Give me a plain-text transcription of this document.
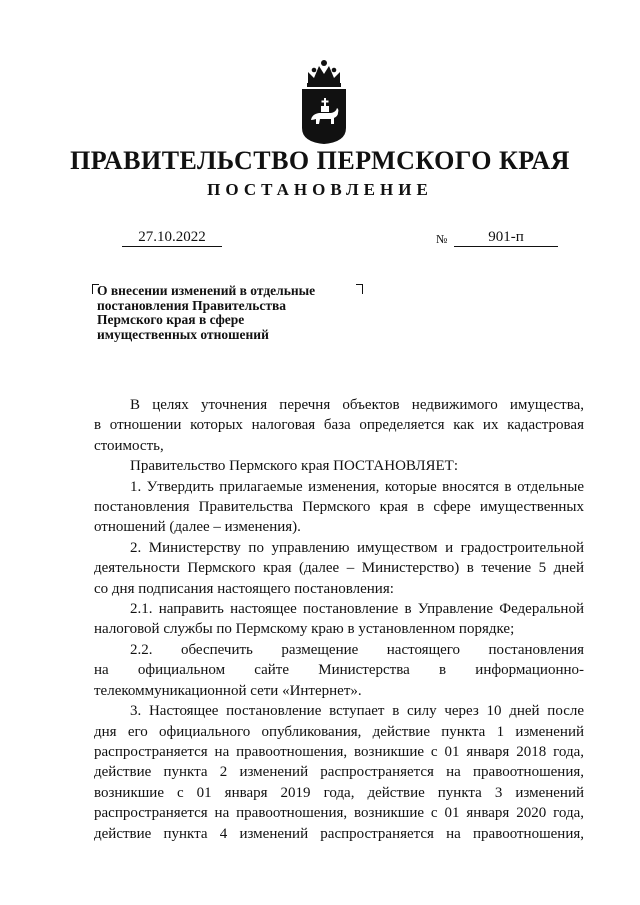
ПРАВИТЕЛЬСТВО ПЕРМСКОГО КРАЯ
ПОСТАНОВЛЕНИЕ
27.10.2022	№	901-п
О внесении изменений в отдельные
постановления Правительства
Пермского края в сфере
имущественных отношений
В целях уточнения перечня объектов недвижимого имущества,
в отношении которых налоговая база определяется как их кадастровая
стоимость,
Правительство Пермского края ПОСТАНОВЛЯЕТ:
1. Утвердить прилагаемые изменения, которые вносятся в отдельные
постановления Правительства Пермского края в сфере имущественных
отношений (далее – изменения).
2. Министерству по управлению имуществом и градостроительной
деятельности Пермского края (далее – Министерство) в течение 5 дней
со дня подписания настоящего постановления:
2.1. направить настоящее постановление в Управление Федеральной
налоговой службы по Пермскому краю в установленном порядке;
2.2. обеспечить размещение настоящего постановления
на официальном сайте Министерства в информационно-
телекоммуникационной сети «Интернет».
3. Настоящее постановление вступает в силу через 10 дней после
дня его официального опубликования, действие пункта 1 изменений
распространяется на правоотношения, возникшие с 01 января 2018 года,
действие пункта 2 изменений распространяется на правоотношения,
возникшие с 01 января 2019 года, действие пункта 3 изменений
распространяется на правоотношения, возникшие с 01 января 2020 года,
действие пункта 4 изменений распространяется на правоотношения,
